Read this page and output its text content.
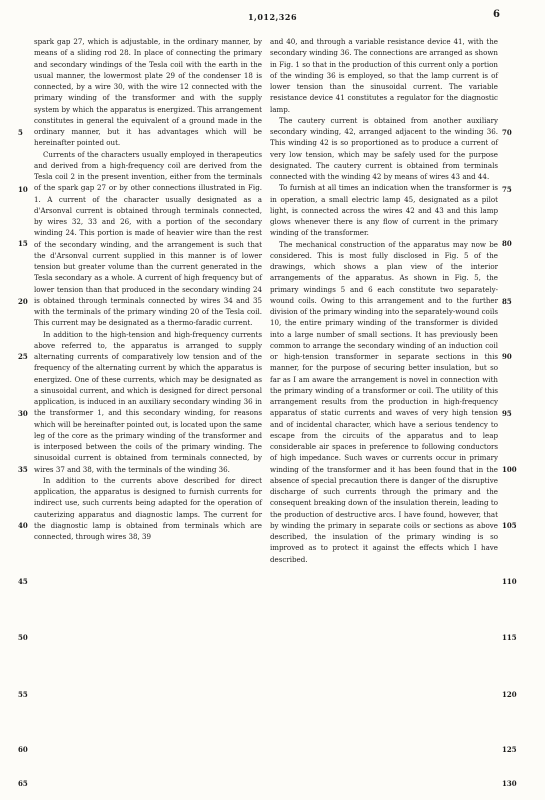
1,012,326	6

spark gap 27, which is adjustable, in the ordinary manner, by means of a sliding rod 28. In place of connecting the primary and secondary windings of the Tesla coil with the earth in the usual manner, the lowermost plate 29 of the condenser 18 is connected, by a wire 30, with the wire 12 connected with the primary winding of the transformer and with the supply system by which the apparatus is energized. This arrangement constitutes in general the equivalent of a ground made in the ordinary manner, but it has advantages which will be hereinafter pointed out.

Currents of the characters usually employed in therapeutics and derived from a high-frequency coil are derived from the Tesla coil 2 in the present invention, either from the terminals of the spark gap 27 or by other connections illustrated in Fig. 1. A current of the character usually designated as a d'Arsonval current is obtained through terminals connected, by wires 32, 33 and 26, with a portion of the secondary winding 24. This portion is made of heavier wire than the rest of the secondary winding, and the arrangement is such that the d'Arsonval current supplied in this manner is of lower tension but greater volume than the current generated in the Tesla secondary as a whole. A current of high frequency but of lower tension than that produced in the secondary winding 24 is obtained through terminals connected by wires 34 and 35 with the terminals of the primary winding 20 of the Tesla coil. This current may be designated as a thermo-faradic current.

In addition to the high-tension and high-frequency currents above referred to, the apparatus is arranged to supply alternating currents of comparatively low tension and of the frequency of the alternating current by which the apparatus is energized. One of these currents, which may be designated as a sinusoidal current, and which is designed for direct personal application, is induced in an auxiliary secondary winding 36 in the transformer 1, and this secondary winding, for reasons which will be hereinafter pointed out, is located upon the same leg of the core as the primary winding of the transformer and is interposed between the coils of the primary winding. The sinusoidal current is obtained from terminals connected, by wires 37 and 38, with the terminals of the winding 36.

In addition to the currents above described for direct application, the apparatus is designed to furnish currents for indirect use, such currents being adapted for the operation of cauterizing apparatus and diagnostic lamps. The current for the diagnostic lamp is obtained from terminals which are connected, through wires 38, 39

and 40, and through a variable resistance device 41, with the secondary winding 36. The connections are arranged as shown in Fig. 1 so that in the production of this current only a portion of the winding 36 is employed, so that the lamp current is of lower tension than the sinusoidal current. The variable resistance device 41 constitutes a regulator for the diagnostic lamp.

The cautery current is obtained from another auxiliary secondary winding, 42, arranged adjacent to the winding 36. This winding 42 is so proportioned as to produce a current of very low tension, which may be safely used for the purpose designated. The cautery current is obtained from terminals connected with the winding 42 by means of wires 43 and 44.

To furnish at all times an indication when the transformer is in operation, a small electric lamp 45, designated as a pilot light, is connected across the wires 42 and 43 and this lamp glows whenever there is any flow of current in the primary winding of the transformer.

The mechanical construction of the apparatus may now be considered. This is most fully disclosed in Fig. 5 of the drawings, which shows a plan view of the interior arrangements of the apparatus. As shown in Fig. 5, the primary windings 5 and 6 each constitute two separately-wound coils. Owing to this arrangement and to the further division of the primary winding into the separately-wound coils 10, the entire primary winding of the transformer is divided into a large number of small sections. It has previously been common to arrange the secondary winding of an induction coil or high-tension transformer in separate sections in this manner, for the purpose of securing better insulation, but so far as I am aware the arrangement is novel in connection with the primary winding of a transformer or coil. The utility of this arrangement results from the production in high-frequency apparatus of static currents and waves of very high tension and of incidental character, which have a serious tendency to escape from the circuits of the apparatus and to leap considerable air spaces in preference to following conductors of high impedance. Such waves or currents occur in primary winding of the transformer and it has been found that in the absence of special precaution there is danger of the disruptive discharge of such currents through the primary and the consequent breaking down of the insulation therein, leading to the production of destructive arcs. I have found, however, that by winding the primary in separate coils or sections as above described, the insulation of the primary winding is so improved as to protect it against the effects which I have described.

5
10
15
20
25
30
35
40
45
50
55
60
65
70
75
80
85
90
95
100
105
110
115
120
125
130
